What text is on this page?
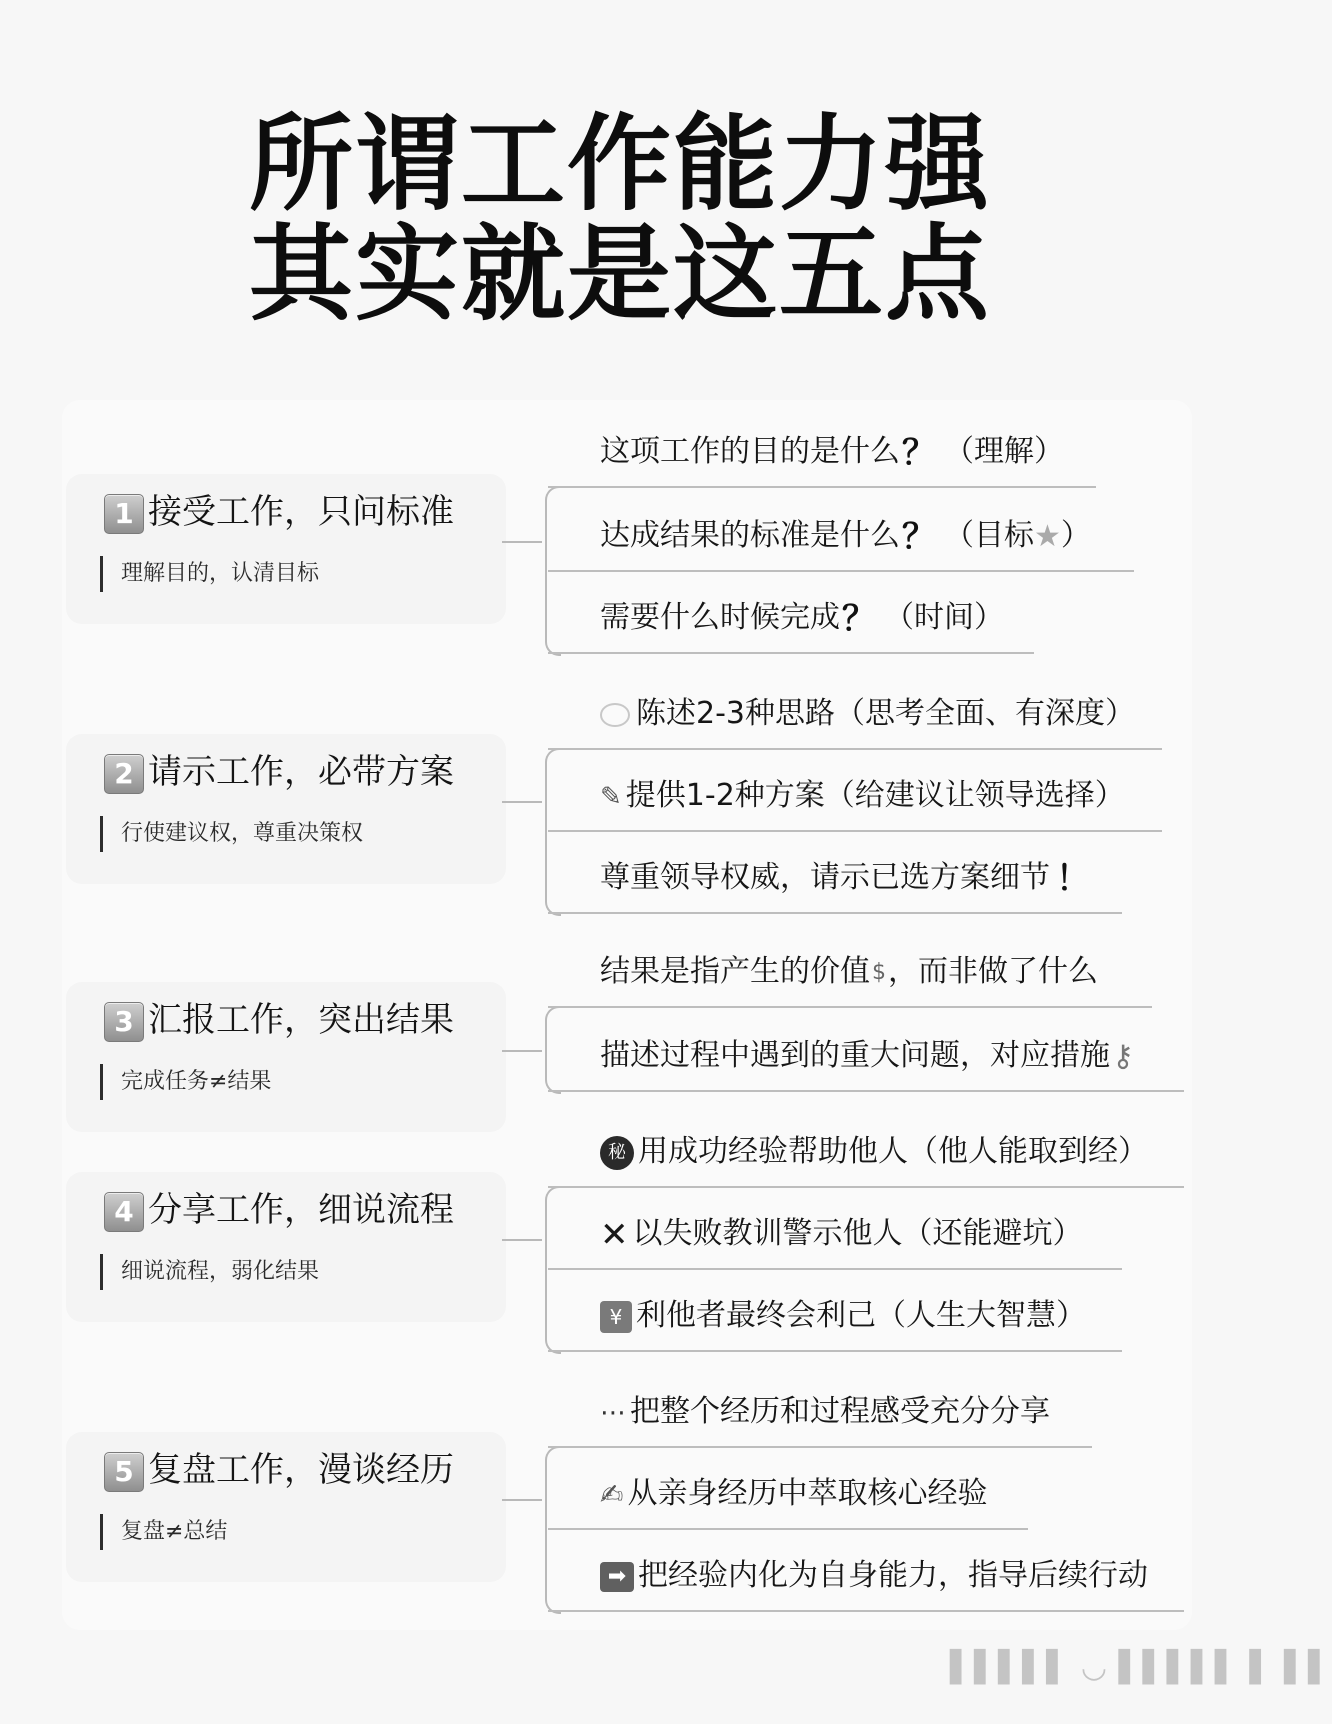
所谓工作能力强
其实就是这五点
1 接受工作，只问标准
理解目的，认清目标
这项工作的目的是什么？ （理解）
达成结果的标准是什么？ （目标★）
需要什么时候完成？ （时间）
2 请示工作，必带方案
行使建议权，尊重决策权
陈述2-3种思路（思考全面、有深度）
✎ 提供1-2种方案（给建议让领导选择）
尊重领导权威，请示已选方案细节 ！
3 汇报工作，突出结果
完成任务≠结果
结果是指产生的价值$，而非做了什么
描述过程中遇到的重大问题，对应措施⚷
4 分享工作，细说流程
细说流程，弱化结果
秘 用成功经验帮助他人（他人能取到经）
✕ 以失败教训警示他人（还能避坑）
¥ 利他者最终会利己（人生大智慧）
5 复盘工作，漫谈经历
复盘≠总结
⋯ 把整个经历和过程感受充分分享
✍ 从亲身经历中萃取核心经验
➡ 把经验内化为自身能力，指导后续行动
▌▌▌▌▌ ◡ ▌▌▌▌▌ ▌ ▌▌
